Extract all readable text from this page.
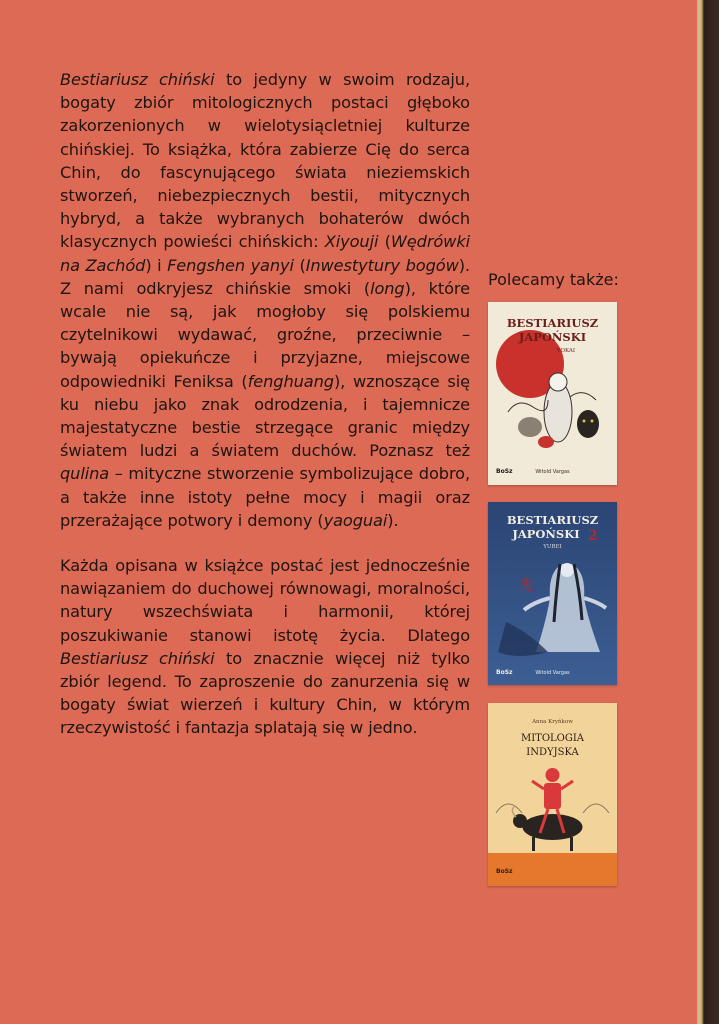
Bestiariusz chiński to jedyny w swoim rodzaju, bogaty zbiór mitologicznych postaci głęboko zakorzenionych w wielotysiącletniej kulturze chińskiej. To książka, która zabierze Cię do serca Chin, do fascynującego świata nieziemskich stworzeń, niebezpiecznych bestii, mitycznych hybryd, a także wybranych bohaterów dwóch klasycznych powieści chińskich: Xiyouji (Wędrówki na Zachód) i Fengshen yanyi (Inwestytury bogów). Z nami odkryjesz chińskie smoki (long), które wcale nie są, jak mogłoby się polskiemu czytelnikowi wydawać, groźne, przeciwnie – bywają opiekuńcze i przyjazne, miejscowe odpowiedniki Feniksa (fenghuang), wznoszące się ku niebu jako znak odrodzenia, i tajemnicze majestatyczne bestie strzegące granic między światem ludzi a światem duchów. Poznasz też qulina – mityczne stworzenie symbolizujące dobro, a także inne istoty pełne mocy i magii oraz przerażające potwory i demony (yaoguai).

Każda opisana w książce postać jest jednocześnie nawiązaniem do duchowej równowagi, moralności, natury wszechświata i harmonii, której poszukiwanie stanowi istotę życia. Dlatego Bestiariusz chiński to znacznie więcej niż tylko zbiór legend. To zaproszenie do zanurzenia się w bogaty świat wierzeń i kultury Chin, w którym rzeczywistość i fantazja splatają się w jedno.

Polecamy także:
BESTIARIUSZ
JAPOŃSKI
YOKAI
BoSz	Witold Vargas
BESTIARIUSZ
JAPOŃSKI 2
YUREI
⻤
BoSz	Witold Vargas
Anna Kryńkow
MITOLOGIA
INDYJSKA
BoSz
